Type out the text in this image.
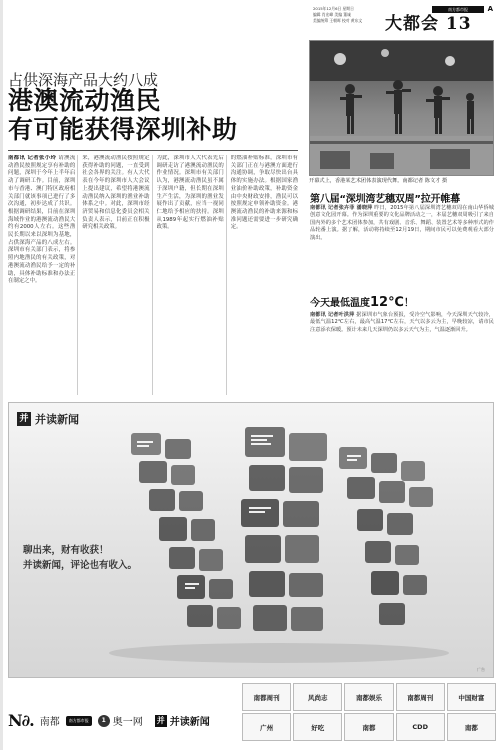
2015年12月6日 星期日
编辑 肖宏峰 美编 董诚
美编统筹 王朝晖 校对 黄东文	大都会 13
南方都市报	A
占供深海产品大约八成
港澳流动渔民
有可能获得深圳补助
南都讯 记者张小玲 请澳流动渔民按照规定享有补助的问题，深圳于今年上半年启动了调研工作。目前，深圳市与香港、澳门特区政府相关部门就该事项已进行了多次沟通，初步达成了共识。根据调研结果，目前在深圳海域作业的港澳流动渔民大约有2000人左右。这些渔民长期以来以深圳为基地，占供深海产品的八成左右。深圳市有关部门表示，将参照内地渔民的有关政策，对港澳流动渔民给予一定的补助，具体补助标准和办法正在制定之中。
来，港澳流动渔民按照规定获得补助的问题，一直受到社会各界的关注。有人大代表在今年的深圳市人大会议上提出建议，希望将港澳流动渔民纳入深圳的渔业补助体系之中。对此，深圳市经济贸易和信息化委员会相关负责人表示，目前正在积极研究相关政策。
为此，深圳市人大代表先后调研走访了港澳流动渔民的作业情况。深圳市有关部门认为，港澳流动渔民虽不属于深圳户籍，但长期在深圳生产生活，为深圳的渔业发展作出了贡献，应当一视同仁地给予相应的扶持。深圳从1989年起实行燃油补贴政策。
的燃油补贴标准，深圳市有关部门正在与港澳方面进行沟通协调，争取尽快出台具体的实施办法。根据国家渔业油价补助政策，补助资金由中央财政安排，渔民可以按照规定申领补助资金。港澳流动渔民的补助来源和标准问题还需要进一步研究确定。
开幕式上，香港某艺术团体表演现代舞。南都记者 陈文才 摄
第八届“深圳湾艺穗双周”拉开帷幕
南都讯 记者张卉菲 潘晓萍 昨日，2015年第八届深圳湾艺穗双周在南山华侨城创意文化园开幕。作为深圳重要的文化品牌活动之一，本届艺穗双周吸引了来自国内外的多个艺术团体参加，共有戏剧、音乐、舞蹈、装置艺术等多种形式的作品轮番上演。据了解，活动将持续至12月19日，期间市民可以免费观看大部分演出。
今天最低温度12℃！
南都讯 记者叶洪萍 据深圳市气象台预报，受冷空气影响，今天深圳天气较冷，最低气温12℃左右，最高气温17℃左右，天气以多云为主，早晚较凉，请市民注意添衣保暖。预计未来几天深圳仍以多云天气为主，气温逐渐回升。
并 并读新闻
聊出来，财有收获！
并读新闻，评论也有收入。
广告
N∂. 南都	南方都市报	1 奥一网 并 并读新闻
南都周刊	风尚志	南都娱乐	南都周刊	中国财富
广州	好吃	南都	CDD	南都
